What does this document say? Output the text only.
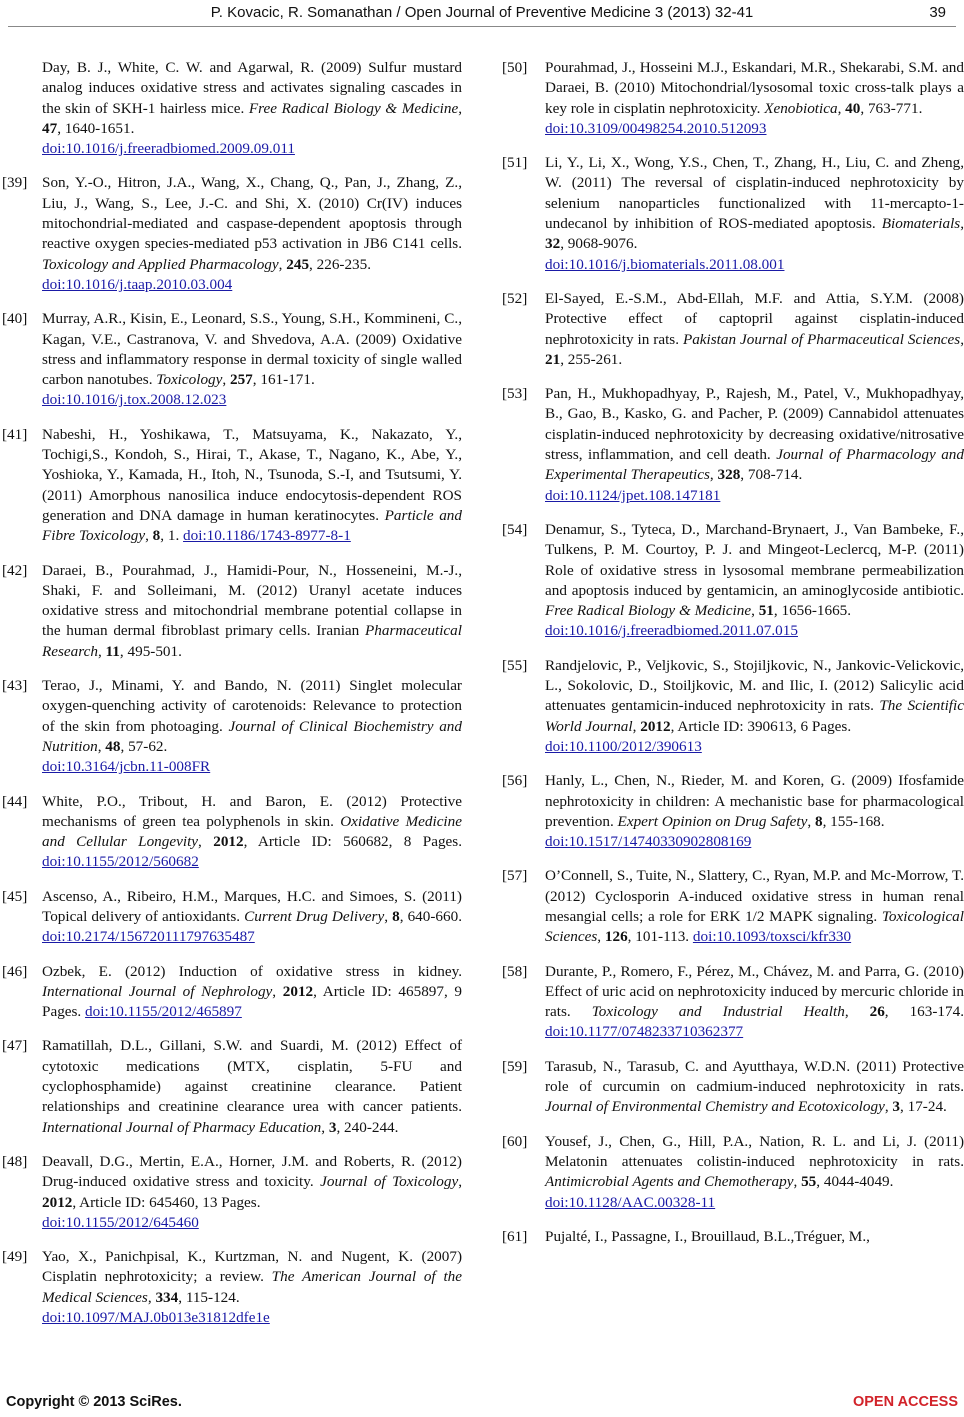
P. Kovacic, R. Somanathan / Open Journal of Preventive Medicine 3 (2013) 32-41	39
Day, B. J., White, C. W. and Agarwal, R. (2009) Sulfur mustard analog induces oxidative stress and activates signaling cascades in the skin of SKH-1 hairless mice. Free Radical Biology & Medicine, 47, 1640-1651.
doi:10.1016/j.freeradbiomed.2009.09.011
[39] Son, Y.-O., Hitron, J.A., Wang, X., Chang, Q., Pan, J., Zhang, Z., Liu, J., Wang, S., Lee, J.-C. and Shi, X. (2010) Cr(IV) induces mitochondrial-mediated and caspase-dependent apoptosis through reactive oxygen species-mediated p53 activation in JB6 C141 cells. Toxicology and Applied Pharmacology, 245, 226-235.
doi:10.1016/j.taap.2010.03.004
[40] Murray, A.R., Kisin, E., Leonard, S.S., Young, S.H., Kommineni, C., Kagan, V.E., Castranova, V. and Shvedova, A.A. (2009) Oxidative stress and inflammatory response in dermal toxicity of single walled carbon nanotubes. Toxicology, 257, 161-171.
doi:10.1016/j.tox.2008.12.023
[41] Nabeshi, H., Yoshikawa, T., Matsuyama, K., Nakazato, Y., Tochigi,S., Kondoh, S., Hirai, T., Akase, T., Nagano, K., Abe, Y., Yoshioka, Y., Kamada, H., Itoh, N., Tsunoda, S.-I, and Tsutsumi, Y. (2011) Amorphous nanosilica induce endocytosis-dependent ROS generation and DNA damage in human keratinocytes. Particle and Fibre Toxicology, 8, 1. doi:10.1186/1743-8977-8-1
[42] Daraei, B., Pourahmad, J., Hamidi-Pour, N., Hosseneini, M.-J., Shaki, F. and Solleimani, M. (2012) Uranyl acetate induces oxidative stress and mitochondrial membrane potential collapse in the human dermal fibroblast primary cells. Iranian Pharmaceutical Research, 11, 495-501.
[43] Terao, J., Minami, Y. and Bando, N. (2011) Singlet molecular oxygen-quenching activity of carotenoids: Relevance to protection of the skin from photoaging. Journal of Clinical Biochemistry and Nutrition, 48, 57-62.
doi:10.3164/jcbn.11-008FR
[44] White, P.O., Tribout, H. and Baron, E. (2012) Protective mechanisms of green tea polyphenols in skin. Oxidative Medicine and Cellular Longevity, 2012, Article ID: 560682, 8 Pages. doi:10.1155/2012/560682
[45] Ascenso, A., Ribeiro, H.M., Marques, H.C. and Simoes, S. (2011) Topical delivery of antioxidants. Current Drug Delivery, 8, 640-660. doi:10.2174/156720111797635487
[46] Ozbek, E. (2012) Induction of oxidative stress in kidney. International Journal of Nephrology, 2012, Article ID: 465897, 9 Pages. doi:10.1155/2012/465897
[47] Ramatillah, D.L., Gillani, S.W. and Suardi, M. (2012) Effect of cytotoxic medications (MTX, cisplatin, 5-FU and cyclophosphamide) against creatinine clearance. Patient relationships and creatinine clearance urea with cancer patients. International Journal of Pharmacy Education, 3, 240-244.
[48] Deavall, D.G., Mertin, E.A., Horner, J.M. and Roberts, R. (2012) Drug-induced oxidative stress and toxicity. Journal of Toxicology, 2012, Article ID: 645460, 13 Pages.
doi:10.1155/2012/645460
[49] Yao, X., Panichpisal, K., Kurtzman, N. and Nugent, K. (2007) Cisplatin nephrotoxicity; a review. The American Journal of the Medical Sciences, 334, 115-124.
doi:10.1097/MAJ.0b013e31812dfe1e
[50] Pourahmad, J., Hosseini M.J., Eskandari, M.R., Shekarabi, S.M. and Daraei, B. (2010) Mitochondrial/lysosomal toxic cross-talk plays a key role in cisplatin nephrotoxicity. Xenobiotica, 40, 763-771.
doi:10.3109/00498254.2010.512093
[51] Li, Y., Li, X., Wong, Y.S., Chen, T., Zhang, H., Liu, C. and Zheng, W. (2011) The reversal of cisplatin-induced nephrotoxicity by selenium nanoparticles functionalized with 11-mercapto-1-undecanol by inhibition of ROS-mediated apoptosis. Biomaterials, 32, 9068-9076.
doi:10.1016/j.biomaterials.2011.08.001
[52] El-Sayed, E.-S.M., Abd-Ellah, M.F. and Attia, S.Y.M. (2008) Protective effect of captopril against cisplatin-induced nephrotoxicity in rats. Pakistan Journal of Pharmaceutical Sciences, 21, 255-261.
[53] Pan, H., Mukhopadhyay, P., Rajesh, M., Patel, V., Mukhopadhyay, B., Gao, B., Kasko, G. and Pacher, P. (2009) Cannabidol attenuates cisplatin-induced nephrotoxicity by decreasing oxidative/nitrosative stress, inflammation, and cell death. Journal of Pharmacology and Experimental Therapeutics, 328, 708-714.
doi:10.1124/jpet.108.147181
[54] Denamur, S., Tyteca, D., Marchand-Brynaert, J., Van Bambeke, F., Tulkens, P. M. Courtoy, P. J. and Mingeot-Leclercq, M-P. (2011) Role of oxidative stress in lysosomal membrane permeabilization and apoptosis induced by gentamicin, an aminoglycoside antibiotic. Free Radical Biology & Medicine, 51, 1656-1665.
doi:10.1016/j.freeradbiomed.2011.07.015
[55] Randjelovic, P., Veljkovic, S., Stojiljkovic, N., Jankovic-Velickovic, L., Sokolovic, D., Stoiljkovic, M. and Ilic, I. (2012) Salicylic acid attenuates gentamicin-induced nephrotoxicity in rats. The Scientific World Journal, 2012, Article ID: 390613, 6 Pages.
doi:10.1100/2012/390613
[56] Hanly, L., Chen, N., Rieder, M. and Koren, G. (2009) Ifosfamide nephrotoxicity in children: A mechanistic base for pharmacological prevention. Expert Opinion on Drug Safety, 8, 155-168.
doi:10.1517/14740330902808169
[57] O’Connell, S., Tuite, N., Slattery, C., Ryan, M.P. and Mc-Morrow, T. (2012) Cyclosporin A-induced oxidative stress in human renal mesangial cells; a role for ERK 1/2 MAPK signaling. Toxicological Sciences, 126, 101-113. doi:10.1093/toxsci/kfr330
[58] Durante, P., Romero, F., Pérez, M., Chávez, M. and Parra, G. (2010) Effect of uric acid on nephrotoxicity induced by mercuric chloride in rats. Toxicology and Industrial Health, 26, 163-174. doi:10.1177/0748233710362377
[59] Tarasub, N., Tarasub, C. and Ayutthaya, W.D.N. (2011) Protective role of curcumin on cadmium-induced nephrotoxicity in rats. Journal of Environmental Chemistry and Ecotoxicology, 3, 17-24.
[60] Yousef, J., Chen, G., Hill, P.A., Nation, R. L. and Li, J. (2011) Melatonin attenuates colistin-induced nephrotoxicity in rats. Antimicrobial Agents and Chemotherapy, 55, 4044-4049.
doi:10.1128/AAC.00328-11
[61] Pujalté, I., Passagne, I., Brouillaud, B.L.,Tréguer, M.,
Copyright © 2013 SciRes.	OPEN ACCESS
